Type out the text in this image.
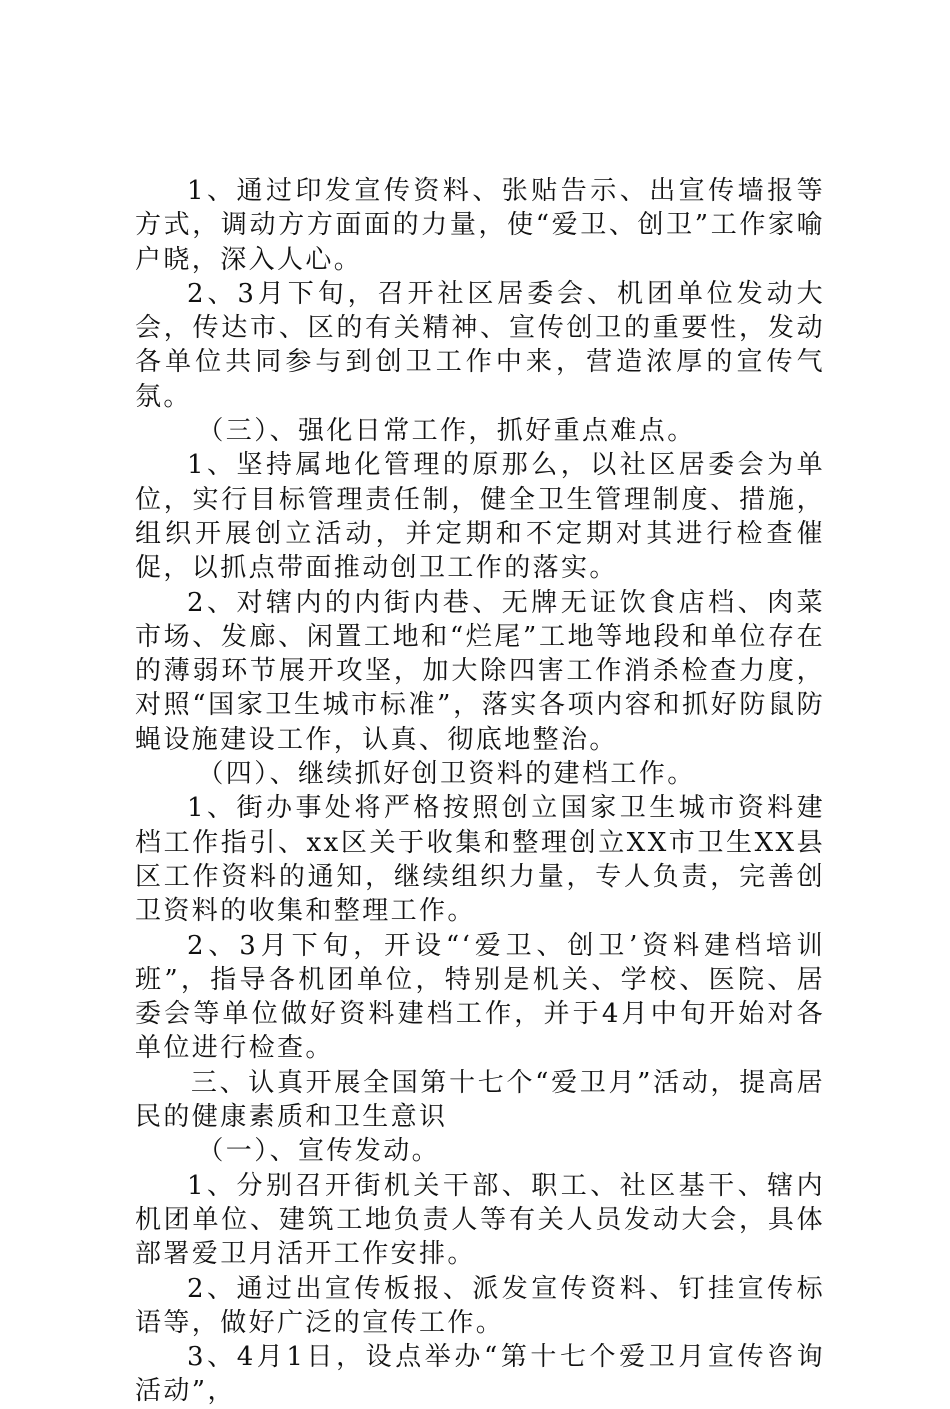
1、通过印发宣传资料、张贴告示、出宣传墙报等方式，调动方方面面的力量，使“爱卫、创卫”工作家喻户晓，深入人心。

2、3月下旬，召开社区居委会、机团单位发动大会，传达市、区的有关精神、宣传创卫的重要性，发动各单位共同参与到创卫工作中来，营造浓厚的宣传气氛。

（三）、强化日常工作，抓好重点难点。

1、坚持属地化管理的原那么，以社区居委会为单位，实行目标管理责任制，健全卫生管理制度、措施，组织开展创立活动，并定期和不定期对其进行检查催促，以抓点带面推动创卫工作的落实。

2、对辖内的内街内巷、无牌无证饮食店档、肉菜市场、发廊、闲置工地和“烂尾”工地等地段和单位存在的薄弱环节展开攻坚，加大除四害工作消杀检查力度，对照“国家卫生城市标准”，落实各项内容和抓好防鼠防蝇设施建设工作，认真、彻底地整治。

（四）、继续抓好创卫资料的建档工作。

1、街办事处将严格按照创立国家卫生城市资料建档工作指引、xx区关于收集和整理创立XX市卫生XX县区工作资料的通知，继续组织力量，专人负责，完善创卫资料的收集和整理工作。

2、3月下旬，开设“‘爱卫、创卫’资料建档培训班”，指导各机团单位，特别是机关、学校、医院、居委会等单位做好资料建档工作，并于4月中旬开始对各单位进行检查。

三、认真开展全国第十七个“爱卫月”活动，提高居民的健康素质和卫生意识

（一）、宣传发动。

1、分别召开街机关干部、职工、社区基干、辖内机团单位、建筑工地负责人等有关人员发动大会，具体部署爱卫月活开工作安排。

2、通过出宣传板报、派发宣传资料、钉挂宣传标语等，做好广泛的宣传工作。

3、4月1日，设点举办“第十七个爱卫月宣传咨询活动”，
